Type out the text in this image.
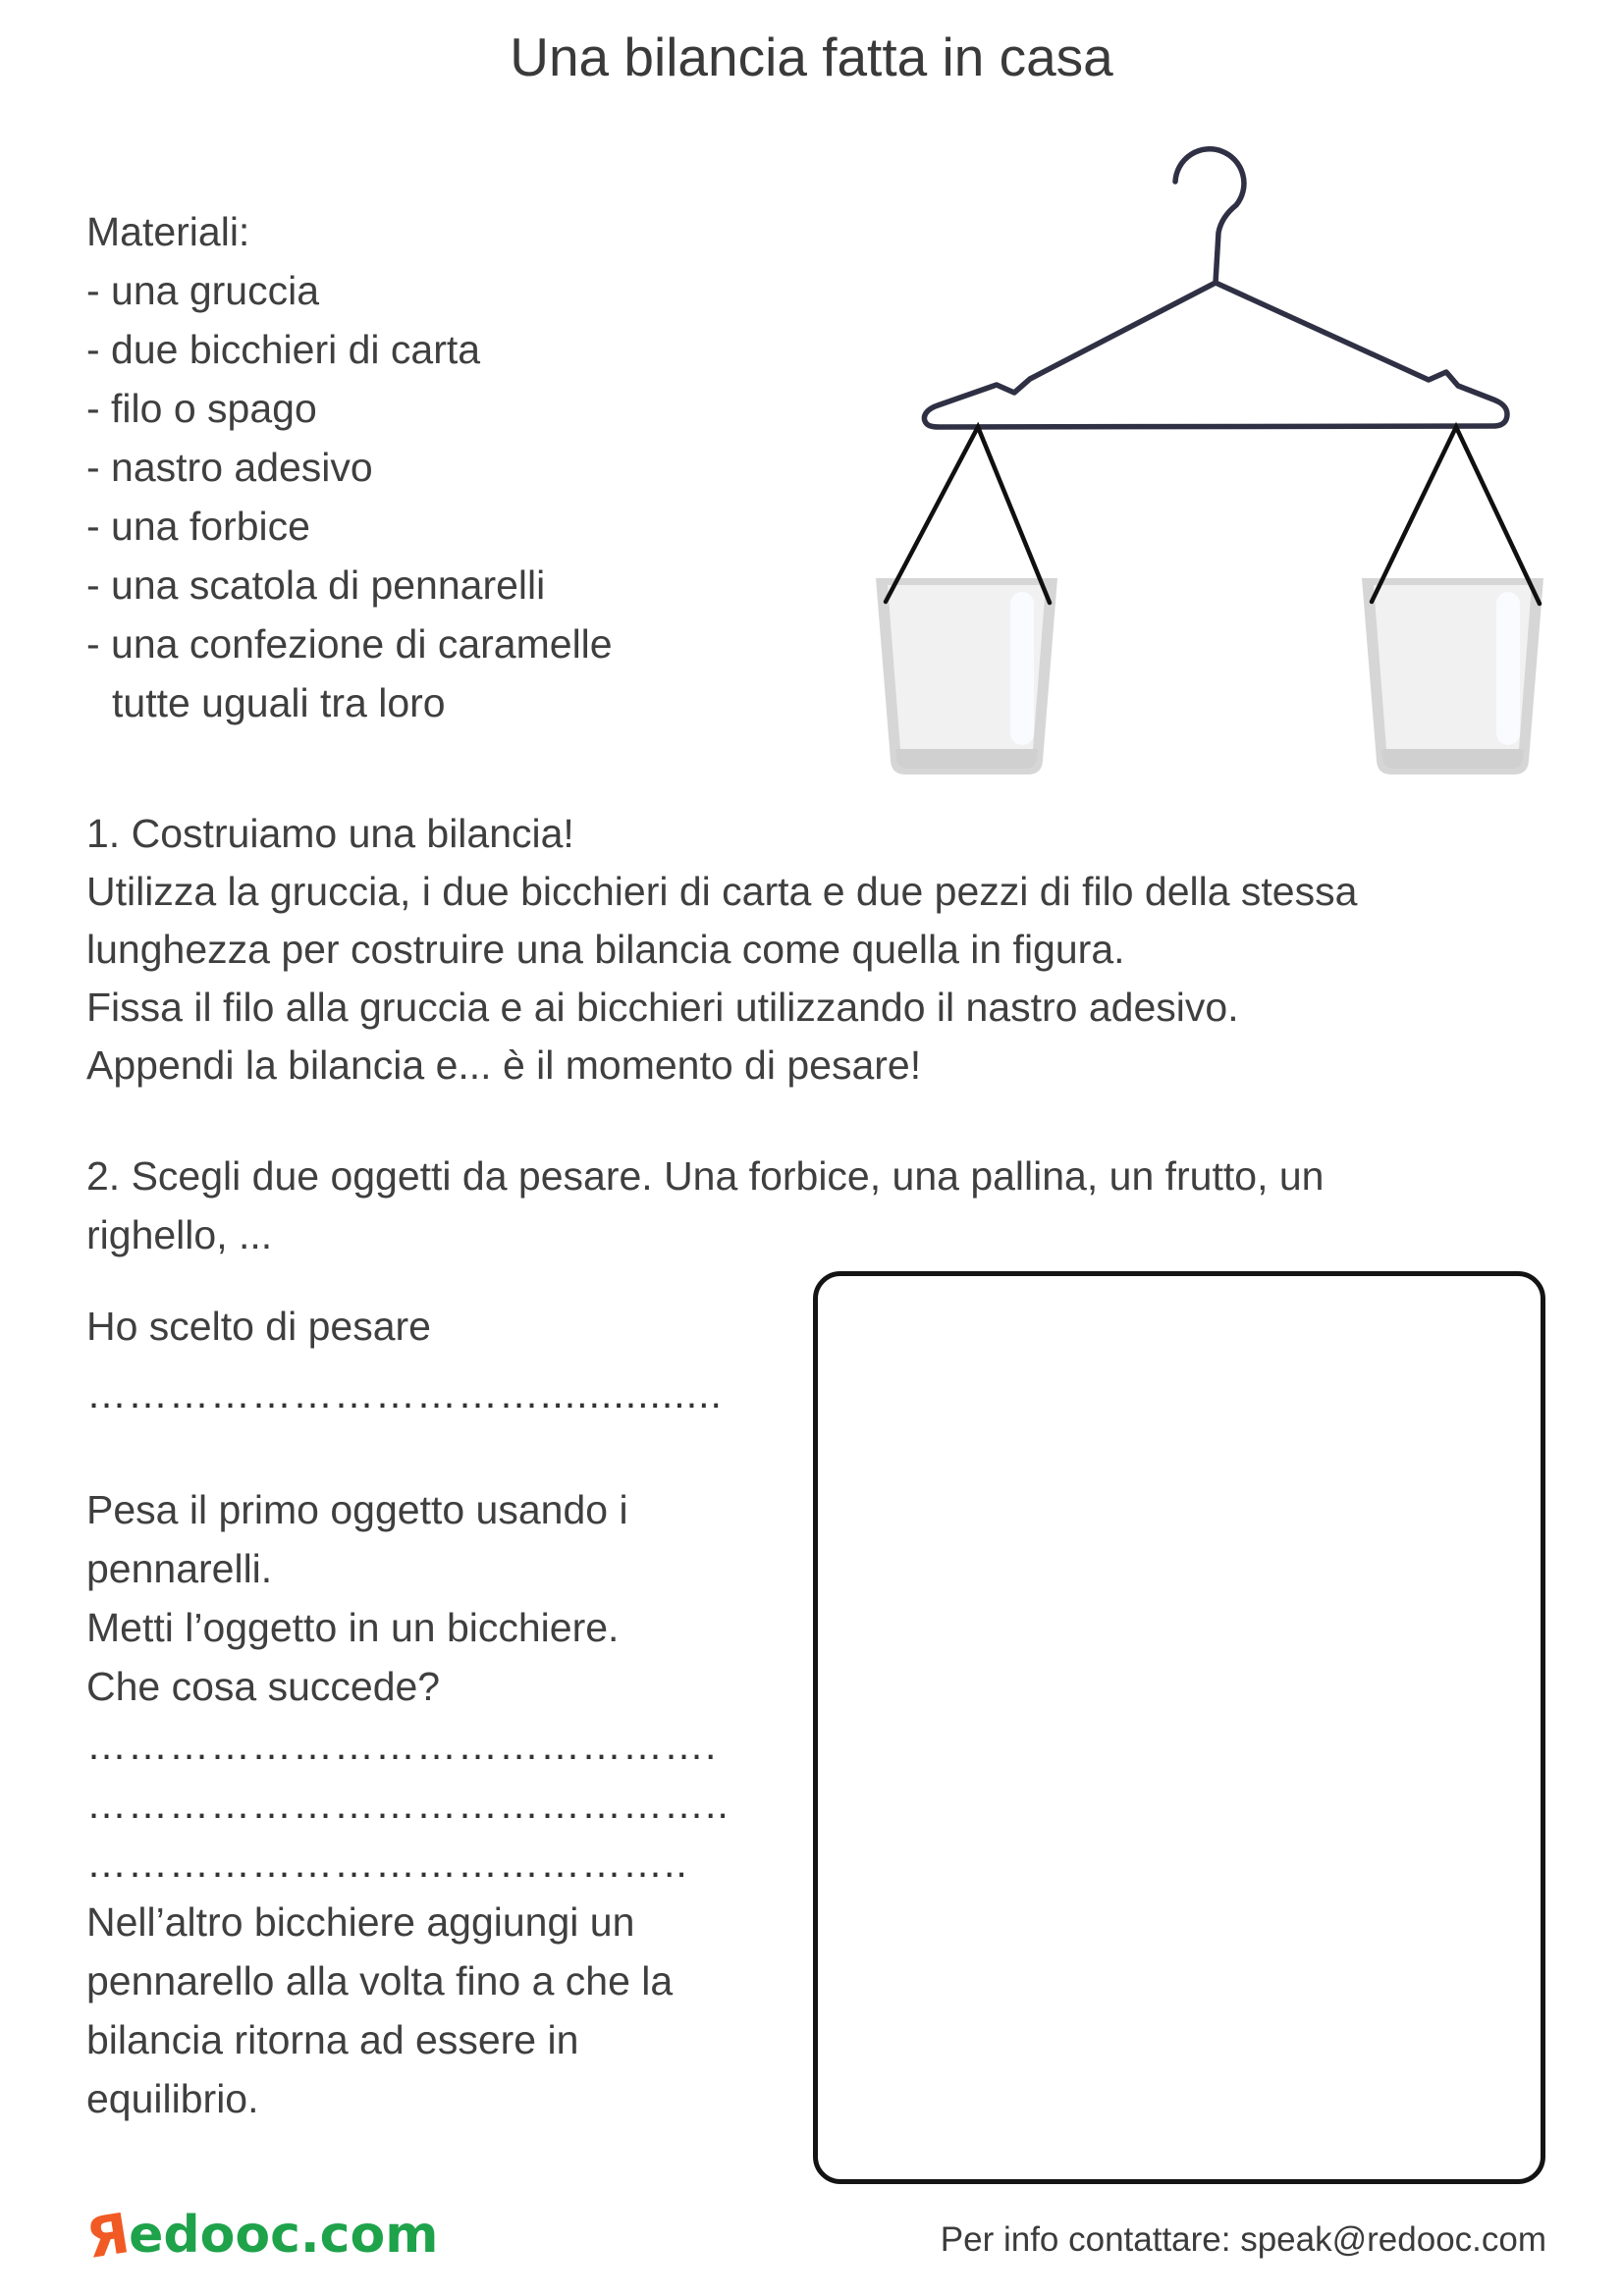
Una bilancia fatta in casa
Materiali:
- una gruccia
- due bicchieri di carta
- filo o spago
- nastro adesivo
- una forbice
- una scatola di pennarelli
- una confezione di caramelle
tutte uguali tra loro
1. Costruiamo una bilancia!
Utilizza la gruccia, i due bicchieri di carta e due pezzi di filo della stessa
lunghezza per costruire una bilancia come quella in figura.
Fissa il filo alla gruccia e ai bicchieri utilizzando il nastro adesivo.
Appendi la bilancia e... è il momento di pesare!
2. Scegli due oggetti da pesare. Una forbice, una pallina, un frutto, un
righello, ...
Ho scelto di pesare
……………………………...............
Pesa il primo oggetto usando i
pennarelli.
Metti l’oggetto in un bicchiere.
Che cosa succede?
……………………………………….
………………………………………..
……………………………………..
Nell’altro bicchiere aggiungi un
pennarello alla volta fino a che la
bilancia ritorna ad essere in
equilibrio.
Яedooc.com	Per info contattare: speak@redooc.com
